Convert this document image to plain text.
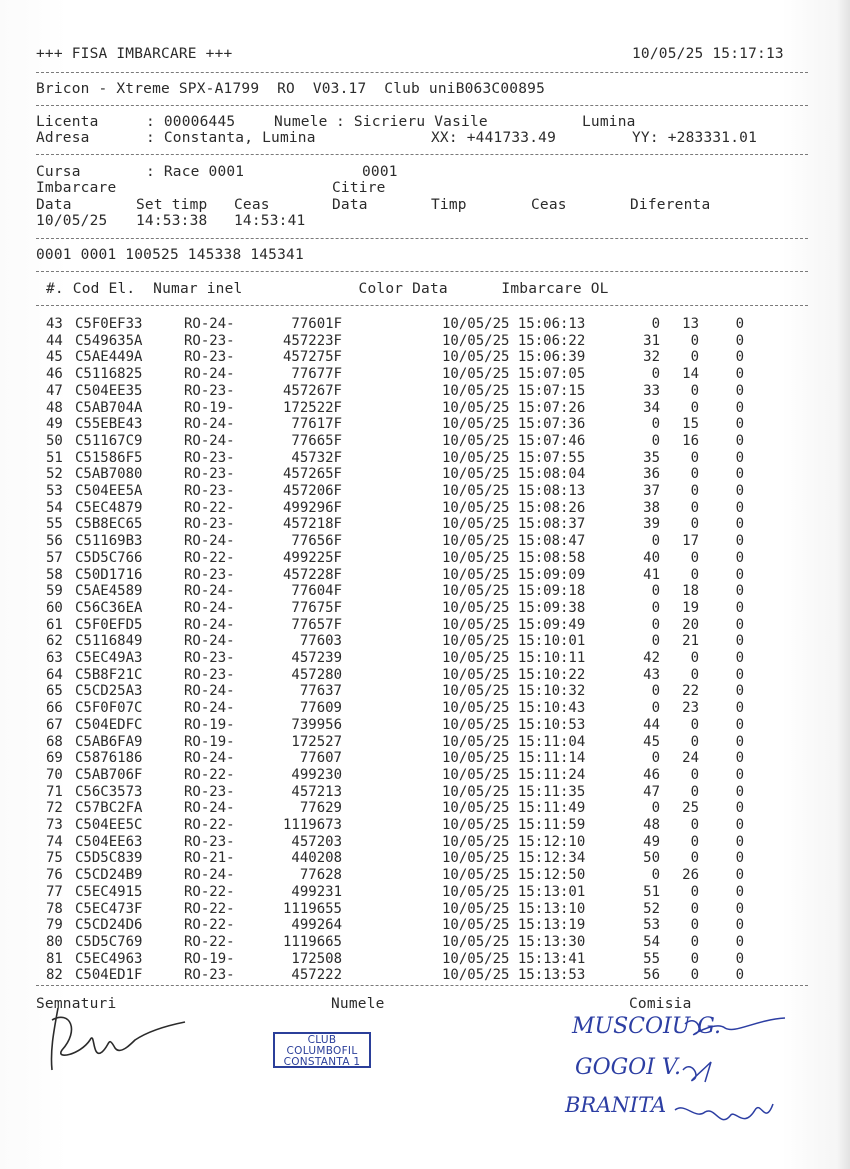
+++ FISA IMBARCARE +++	10/05/25 15:17:13
Bricon - Xtreme SPX-A1799  RO  V03.17  Club uniB063C00895
Licenta	: 00006445	Numele : Sicrieru Vasile	Lumina
Adresa	: Constanta, Lumina	XX: +441733.49	YY: +283331.01
Cursa	: Race 0001	0001
Imbarcare	Citire
Data	Set timp Ceas	Data	Timp	Ceas	Diferenta
10/05/25 14:53:38 14:53:41
0001 0001 100525 145338 145341
#. Cod El.  Numar inel             Color Data      Imbarcare OL
43 C5F0EF33	RO-24-	77601F	10/05/25 15:06:13	0	13	0
44 C549635A	RO-23-	457223F	10/05/25 15:06:22	31	0	0
45 C5AE449A	RO-23-	457275F	10/05/25 15:06:39	32	0	0
46 C5116825	RO-24-	77677F	10/05/25 15:07:05	0	14	0
47 C504EE35	RO-23-	457267F	10/05/25 15:07:15	33	0	0
48 C5AB704A	RO-19-	172522F	10/05/25 15:07:26	34	0	0
49 C55EBE43	RO-24-	77617F	10/05/25 15:07:36	0	15	0
50 C51167C9	RO-24-	77665F	10/05/25 15:07:46	0	16	0
51 C51586F5	RO-23-	45732F	10/05/25 15:07:55	35	0	0
52 C5AB7080	RO-23-	457265F	10/05/25 15:08:04	36	0	0
53 C504EE5A	RO-23-	457206F	10/05/25 15:08:13	37	0	0
54 C5EC4879	RO-22-	499296F	10/05/25 15:08:26	38	0	0
55 C5B8EC65	RO-23-	457218F	10/05/25 15:08:37	39	0	0
56 C51169B3	RO-24-	77656F	10/05/25 15:08:47	0	17	0
57 C5D5C766	RO-22-	499225F	10/05/25 15:08:58	40	0	0
58 C50D1716	RO-23-	457228F	10/05/25 15:09:09	41	0	0
59 C5AE4589	RO-24-	77604F	10/05/25 15:09:18	0	18	0
60 C56C36EA	RO-24-	77675F	10/05/25 15:09:38	0	19	0
61 C5F0EFD5	RO-24-	77657F	10/05/25 15:09:49	0	20	0
62 C5116849	RO-24-	77603	10/05/25 15:10:01	0	21	0
63 C5EC49A3	RO-23-	457239	10/05/25 15:10:11	42	0	0
64 C5B8F21C	RO-23-	457280	10/05/25 15:10:22	43	0	0
65 C5CD25A3	RO-24-	77637	10/05/25 15:10:32	0	22	0
66 C5F0F07C	RO-24-	77609	10/05/25 15:10:43	0	23	0
67 C504EDFC	RO-19-	739956	10/05/25 15:10:53	44	0	0
68 C5AB6FA9	RO-19-	172527	10/05/25 15:11:04	45	0	0
69 C5876186	RO-24-	77607	10/05/25 15:11:14	0	24	0
70 C5AB706F	RO-22-	499230	10/05/25 15:11:24	46	0	0
71 C56C3573	RO-23-	457213	10/05/25 15:11:35	47	0	0
72 C57BC2FA	RO-24-	77629	10/05/25 15:11:49	0	25	0
73 C504EE5C	RO-22-	1119673	10/05/25 15:11:59	48	0	0
74 C504EE63	RO-23-	457203	10/05/25 15:12:10	49	0	0
75 C5D5C839	RO-21-	440208	10/05/25 15:12:34	50	0	0
76 C5CD24B9	RO-24-	77628	10/05/25 15:12:50	0	26	0
77 C5EC4915	RO-22-	499231	10/05/25 15:13:01	51	0	0
78 C5EC473F	RO-22-	1119655	10/05/25 15:13:10	52	0	0
79 C5CD24D6	RO-22-	499264	10/05/25 15:13:19	53	0	0
80 C5D5C769	RO-22-	1119665	10/05/25 15:13:30	54	0	0
81 C5EC4963	RO-19-	172508	10/05/25 15:13:41	55	0	0
82 C504ED1F	RO-23-	457222	10/05/25 15:13:53	56	0	0
Semnaturi	Numele	Comisia
CLUB
COLUMBOFIL
CONSTANTA 1
MUSCOIU G.
GOGOI V.
BRANITA
